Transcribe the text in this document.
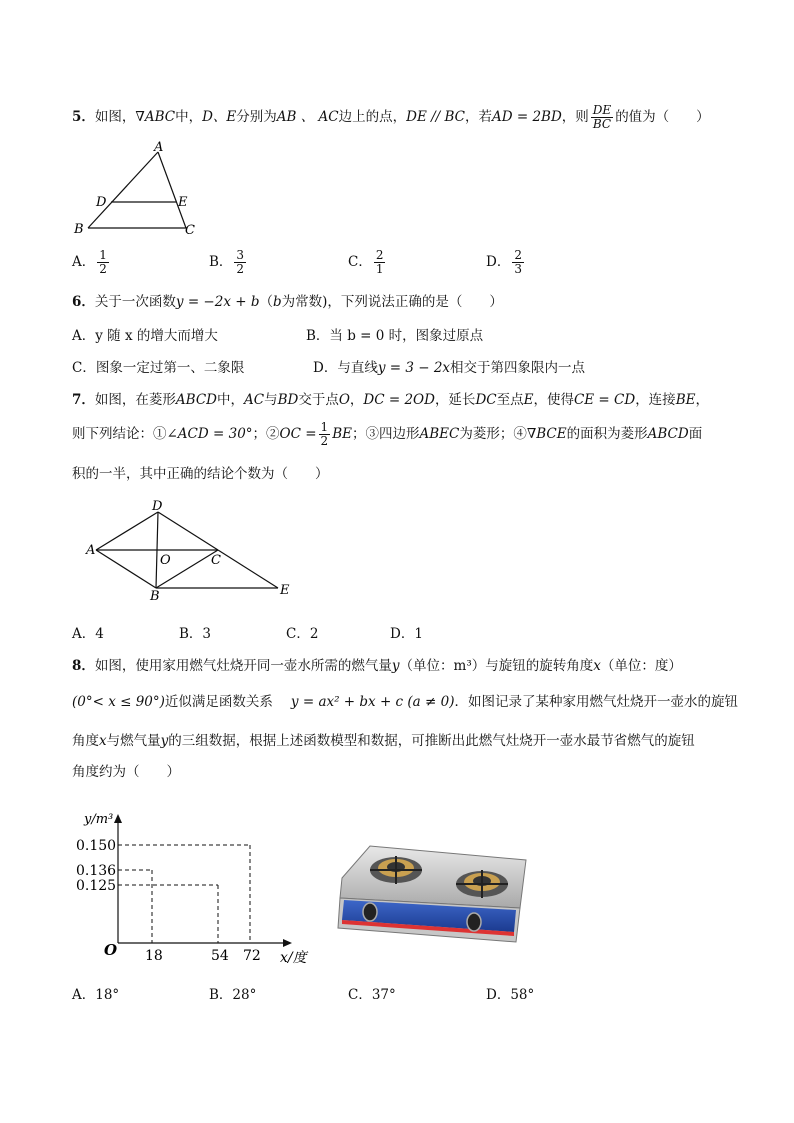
5．如图，∇ABC中，D、E分别为AB 、 AC边上的点，DE // BC，若AD = 2BD，则 $\frac{DE}{BC}$ 的值为（　　）
A
D	E
B	C
A． $\frac{1}{2}$	B． $\frac{3}{2}$	C． $\frac{2}{1}$	D． $\frac{2}{3}$
6．关于一次函数y = −2x + b（b为常数)，下列说法正确的是（　　）
A．y 随 x 的增大而增大	B．当 b = 0 时，图象过原点
C．图象一定过第一、二象限	D．与直线y = 3 − 2x相交于第四象限内一点
7．如图，在菱形ABCD中，AC与BD交于点O，DC = 2OD，延长DC至点E，使得CE = CD，连接BE，
则下列结论：①∠ACD = 30°；②OC = $\frac{1}{2}$ BE；③四边形ABEC为菱形；④∇BCE的面积为菱形ABCD面
积的一半，其中正确的结论个数为（　　）
A
D
O	C
B	E
A．4	B．3	C．2	D．1
8．如图，使用家用燃气灶烧开同一壶水所需的燃气量y（单位：m³）与旋钮的旋转角度x（单位：度）
(0°< x ≤ 90°)近似满足函数关系 y = ax² + bx + c (a ≠ 0)．如图记录了某种家用燃气灶烧开一壶水的旋钮
角度x与燃气量y的三组数据，根据上述函数模型和数据，可推断出此燃气灶烧开一壶水最节省燃气的旋钮
角度约为（　　）
y/m³
x/度
O 18	54 72
0.150
0.136
0.125
A．18°	B．28°	C．37°	D．58°
